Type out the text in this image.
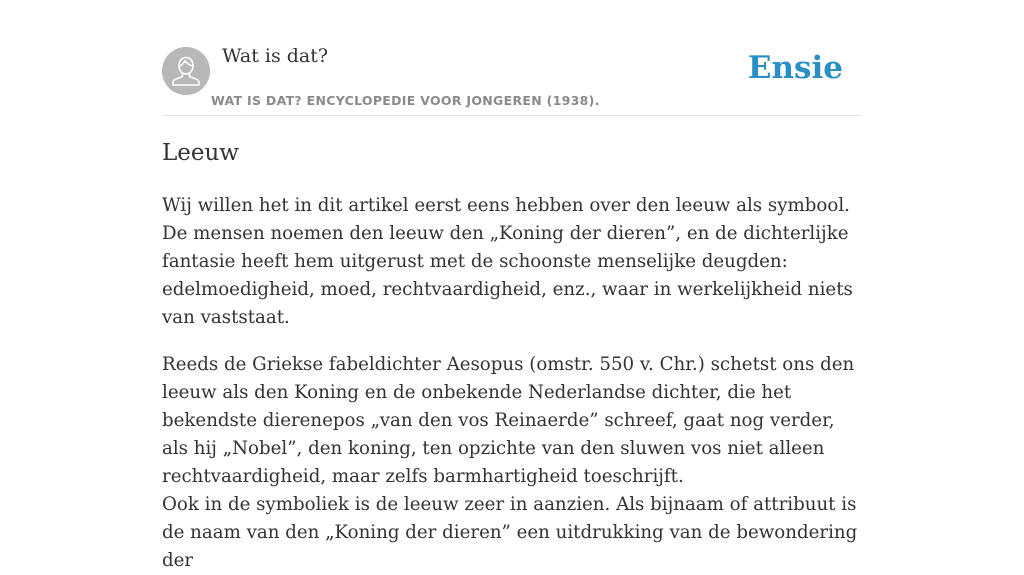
Wat is dat?
WAT IS DAT? ENCYCLOPEDIE VOOR JONGEREN (1938).
Ensie
Leeuw

Wij willen het in dit artikel eerst eens hebben over den leeuw als symbool. De mensen noemen den leeuw den „Koning der dieren”, en de dichterlijke fantasie heeft hem uitgerust met de schoonste menselijke deugden: edelmoedigheid, moed, rechtvaardigheid, enz., waar in werkelijkheid niets van vaststaat.

Reeds de Griekse fabeldichter Aesopus (omstr. 550 v. Chr.) schetst ons den leeuw als den Koning en de onbekende Nederlandse dichter, die het bekendste dierenepos „van den vos Reinaerde” schreef, gaat nog verder, als hij „Nobel”, den koning, ten opzichte van den sluwen vos niet alleen rechtvaardigheid, maar zelfs barmhartigheid toeschrijft.

Ook in de symboliek is de leeuw zeer in aanzien. Als bijnaam of attribuut is de naam van den „Koning der dieren” een uitdrukking van de bewondering der
